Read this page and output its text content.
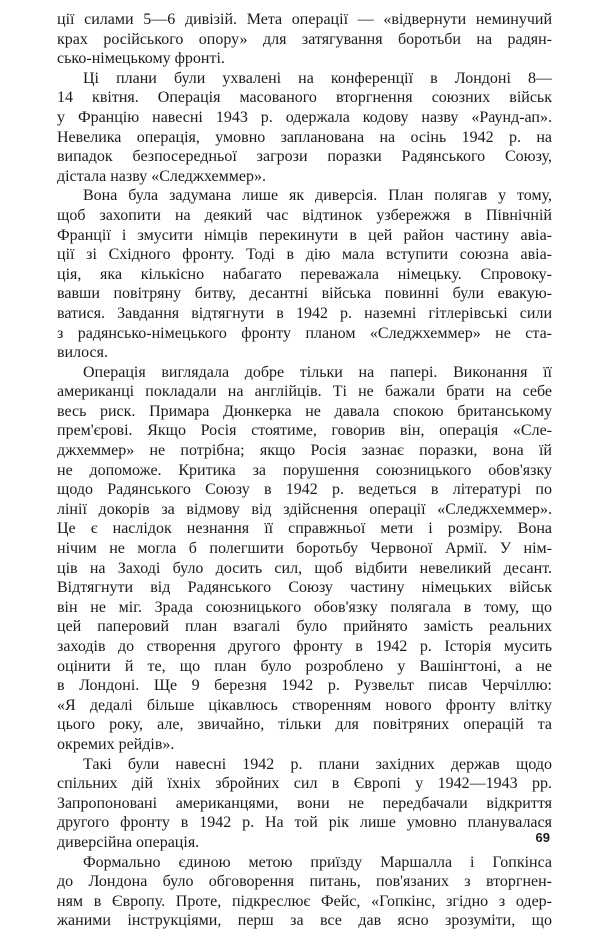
ції силами 5—6 дивізій. Мета операції — «відвернути неминучий
крах російського опору» для затягування боротьби на радян-
сько-німецькому фронті.
Ці плани були ухвалені на конференції в Лондоні 8—
14 квітня. Операція масованого вторгнення союзних військ
у Францію навесні 1943 р. одержала кодову назву «Раунд-ап».
Невелика операція, умовно запланована на осінь 1942 р. на
випадок безпосередньої загрози поразки Радянського Союзу,
дістала назву «Следжхеммер».
Вона була задумана лише як диверсія. План полягав у тому,
щоб захопити на деякий час відтинок узбережжя в Північній
Франції і змусити німців перекинути в цей район частину авіа-
ції зі Східного фронту. Тоді в дію мала вступити союзна авіа-
ція, яка кількісно набагато переважала німецьку. Спровоку-
вавши повітряну битву, десантні війська повинні були евакую-
ватися. Завдання відтягнути в 1942 р. наземні гітлерівські сили
з радянсько-німецького фронту планом «Следжхеммер» не ста-
вилося.
Операція виглядала добре тільки на папері. Виконання її
американці покладали на англійців. Ті не бажали брати на себе
весь риск. Примара Дюнкерка не давала спокою британському
прем'єрові. Якщо Росія стоятиме, говорив він, операція «Сле-
джхеммер» не потрібна; якщо Росія зазнає поразки, вона їй
не допоможе. Критика за порушення союзницького обов'язку
щодо Радянського Союзу в 1942 р. ведеться в літературі по
лінії докорів за відмову від здійснення операції «Следжхеммер».
Це є наслідок незнання її справжньої мети і розміру. Вона
нічим не могла б полегшити боротьбу Червоної Армії. У нім-
ців на Заході було досить сил, щоб відбити невеликий десант.
Відтягнути від Радянського Союзу частину німецьких військ
він не міг. Зрада союзницького обов'язку полягала в тому, що
цей паперовий план взагалі було прийнято замість реальних
заходів до створення другого фронту в 1942 р. Історія мусить
оцінити й те, що план було розроблено у Вашінгтоні, а не
в Лондоні. Ще 9 березня 1942 р. Рузвельт писав Черчіллю:
«Я дедалі більше цікавлюсь створенням нового фронту влітку
цього року, але, звичайно, тільки для повітряних операцій та
окремих рейдів».
Такі були навесні 1942 р. плани західних держав щодо
спільних дій їхніх збройних сил в Європі у 1942—1943 рр.
Запропоновані американцями, вони не передбачали відкриття
другого фронту в 1942 р. На той рік лише умовно планувалася
диверсійна операція.
Формально єдиною метою приїзду Маршалла і Гопкінса
до Лондона було обговорення питань, пов'язаних з вторгнен-
ням в Європу. Проте, підкреслює Фейс, «Гопкінс, згідно з одер-
жаними інструкціями, перш за все дав ясно зрозуміти, що
69
